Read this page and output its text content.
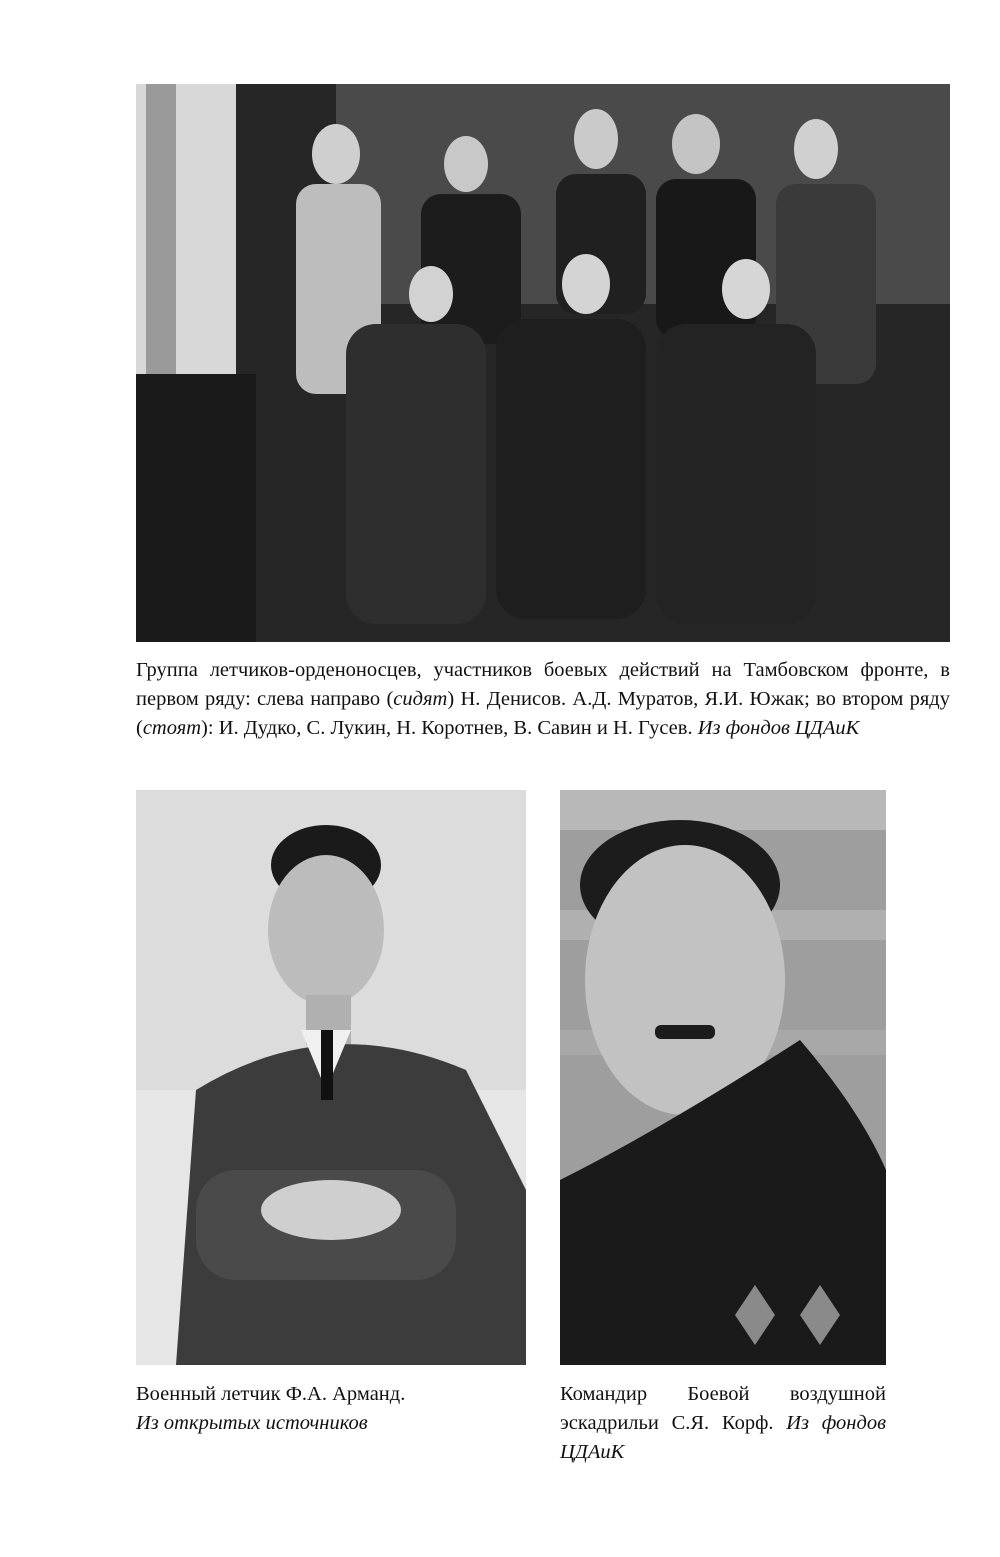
Группа летчиков-орденоносцев, участников боевых действий на Тамбовском фронте, в первом ряду: слева направо (сидят) Н. Денисов. А.Д. Муратов, Я.И. Южак; во втором ряду (стоят): И. Дудко, С. Лукин, Н. Коротнев, В. Савин и Н. Гусев. Из фондов ЦДАиК

Военный летчик Ф.А. Арманд.
Из открытых источников

Командир Боевой воздушной эскадрильи С.Я. Корф. Из фондов ЦДАиК
